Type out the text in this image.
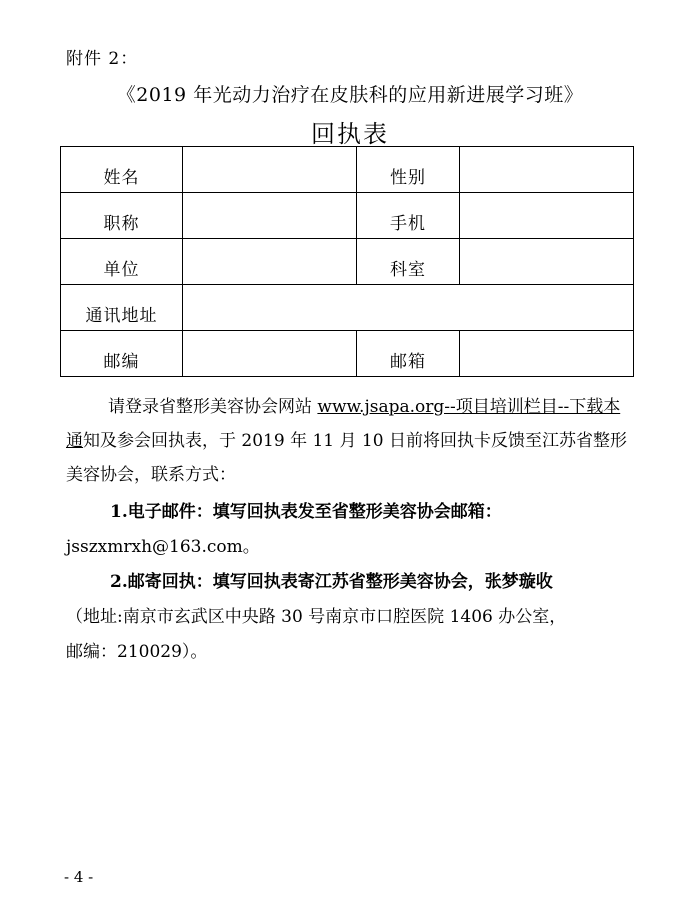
附件 2：
《2019 年光动力治疗在皮肤科的应用新进展学习班》
回执表
姓名		性别	
职称		手机	
单位		科室	
通讯地址			
邮编		邮箱	
请登录省整形美容协会网站 www.jsapa.org--项目培训栏目--下载本通知及参会回执表，于 2019 年 11 月 10 日前将回执卡反馈至江苏省整形美容协会，联系方式：
1.电子邮件：填写回执表发至省整形美容协会邮箱：
jsszxmrxh@163.com。
2.邮寄回执：填写回执表寄江苏省整形美容协会，张梦璇收
（地址:南京市玄武区中央路 30 号南京市口腔医院 1406 办公室，
邮编：210029）。
- 4 -
